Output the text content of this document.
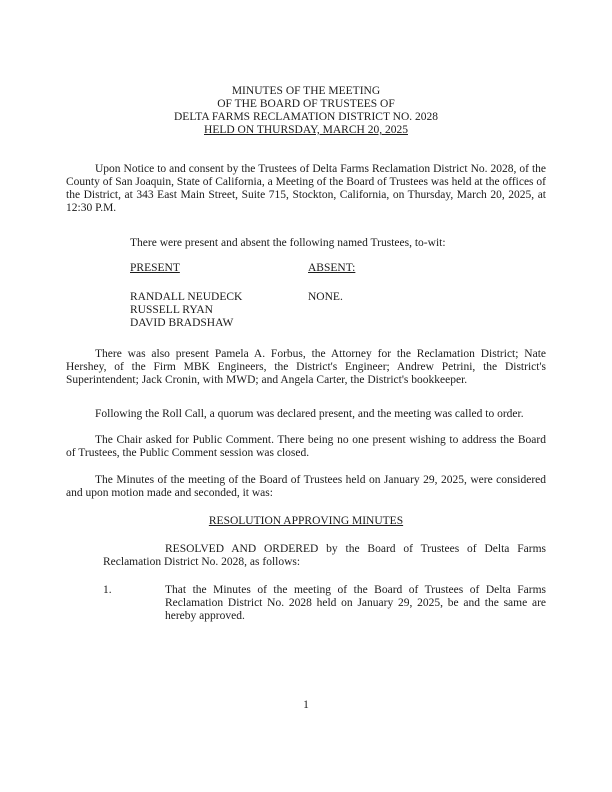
MINUTES OF THE MEETING
OF THE BOARD OF TRUSTEES OF
DELTA FARMS RECLAMATION DISTRICT NO. 2028
HELD ON THURSDAY, MARCH 20, 2025

Upon Notice to and consent by the Trustees of Delta Farms Reclamation District No. 2028, of the County of San Joaquin, State of California, a Meeting of the Board of Trustees was held at the offices of the District, at 343 East Main Street, Suite 715, Stockton, California, on Thursday, March 20, 2025, at 12:30 P.M.

There were present and absent the following named Trustees, to-wit:

PRESENT	ABSENT:
RANDALL NEUDECK
RUSSELL RYAN
DAVID BRADSHAW
NONE.

There was also present Pamela A. Forbus, the Attorney for the Reclamation District; Nate Hershey, of the Firm MBK Engineers, the District's Engineer; Andrew Petrini, the District's Superintendent; Jack Cronin, with MWD; and Angela Carter, the District's bookkeeper.

Following the Roll Call, a quorum was declared present, and the meeting was called to order.

The Chair asked for Public Comment. There being no one present wishing to address the Board of Trustees, the Public Comment session was closed.

The Minutes of the meeting of the Board of Trustees held on January 29, 2025, were considered and upon motion made and seconded, it was:

RESOLUTION APPROVING MINUTES

RESOLVED AND ORDERED by the Board of Trustees of Delta Farms Reclamation District No. 2028, as follows:

1.	That the Minutes of the meeting of the Board of Trustees of Delta Farms Reclamation District No. 2028 held on January 29, 2025, be and the same are hereby approved.
1
